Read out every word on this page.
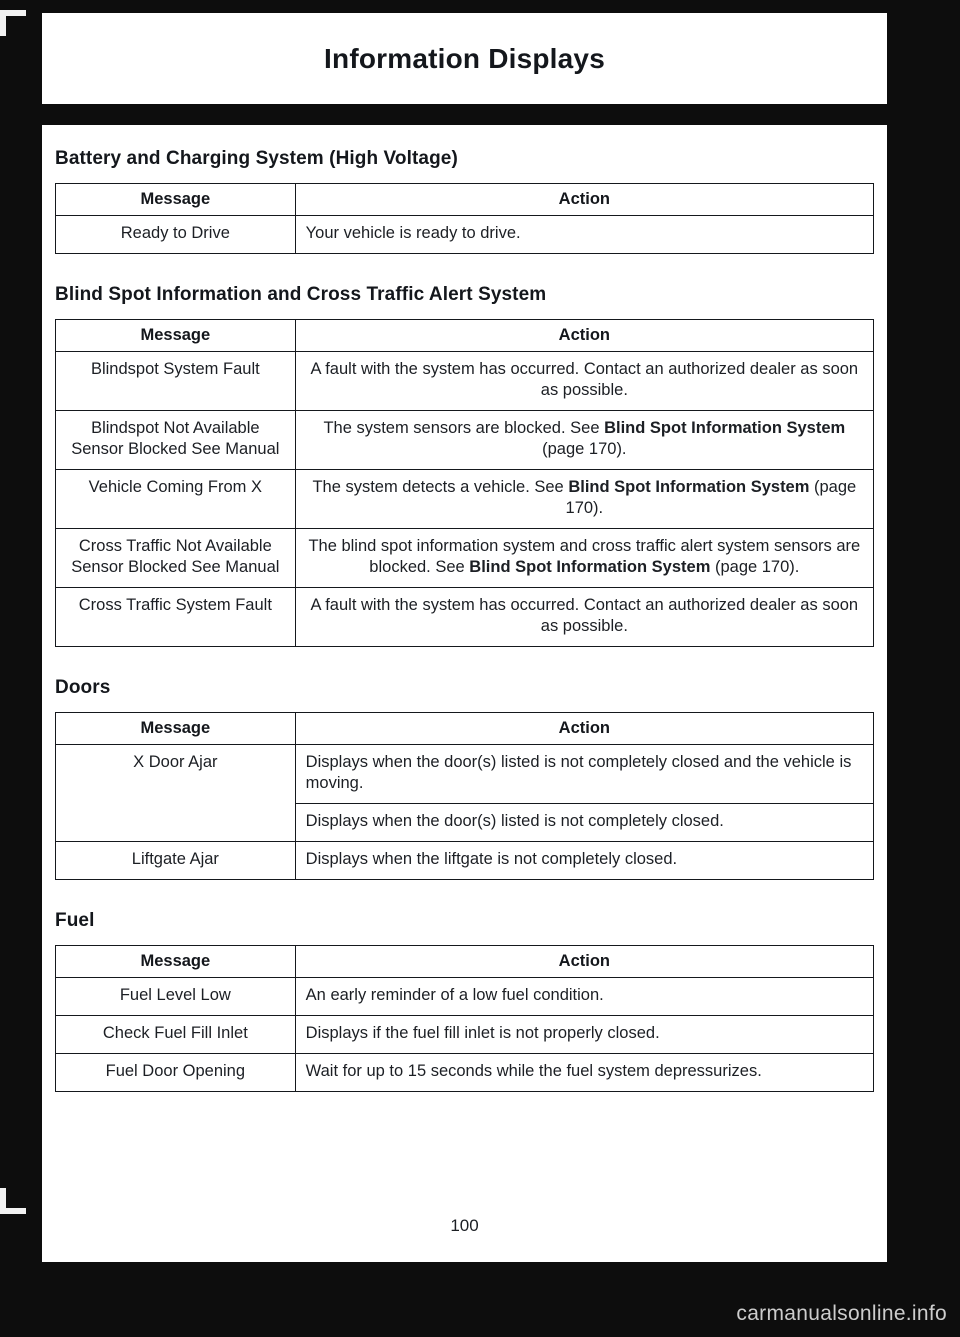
Information Displays
Battery and Charging System (High Voltage)
Message	Action
Ready to Drive	Your vehicle is ready to drive.
Blind Spot Information and Cross Traffic Alert System
Message	Action
Blindspot System Fault	A fault with the system has occurred. Contact an authorized dealer as soon as possible.
Blindspot Not Available Sensor Blocked See Manual	The system sensors are blocked. See Blind Spot Information System (page 170).
Vehicle Coming From X	The system detects a vehicle. See Blind Spot Information System (page 170).
Cross Traffic Not Available Sensor Blocked See Manual	The blind spot information system and cross traffic alert system sensors are blocked. See Blind Spot Information System (page 170).
Cross Traffic System Fault	A fault with the system has occurred. Contact an authorized dealer as soon as possible.
Doors
Message	Action
X Door Ajar	Displays when the door(s) listed is not completely closed and the vehicle is moving.
	Displays when the door(s) listed is not completely closed.
Liftgate Ajar	Displays when the liftgate is not completely closed.
Fuel
Message	Action
Fuel Level Low	An early reminder of a low fuel condition.
Check Fuel Fill Inlet	Displays if the fuel fill inlet is not properly closed.
Fuel Door Opening	Wait for up to 15 seconds while the fuel system depressurizes.
100
carmanualsonline.info
